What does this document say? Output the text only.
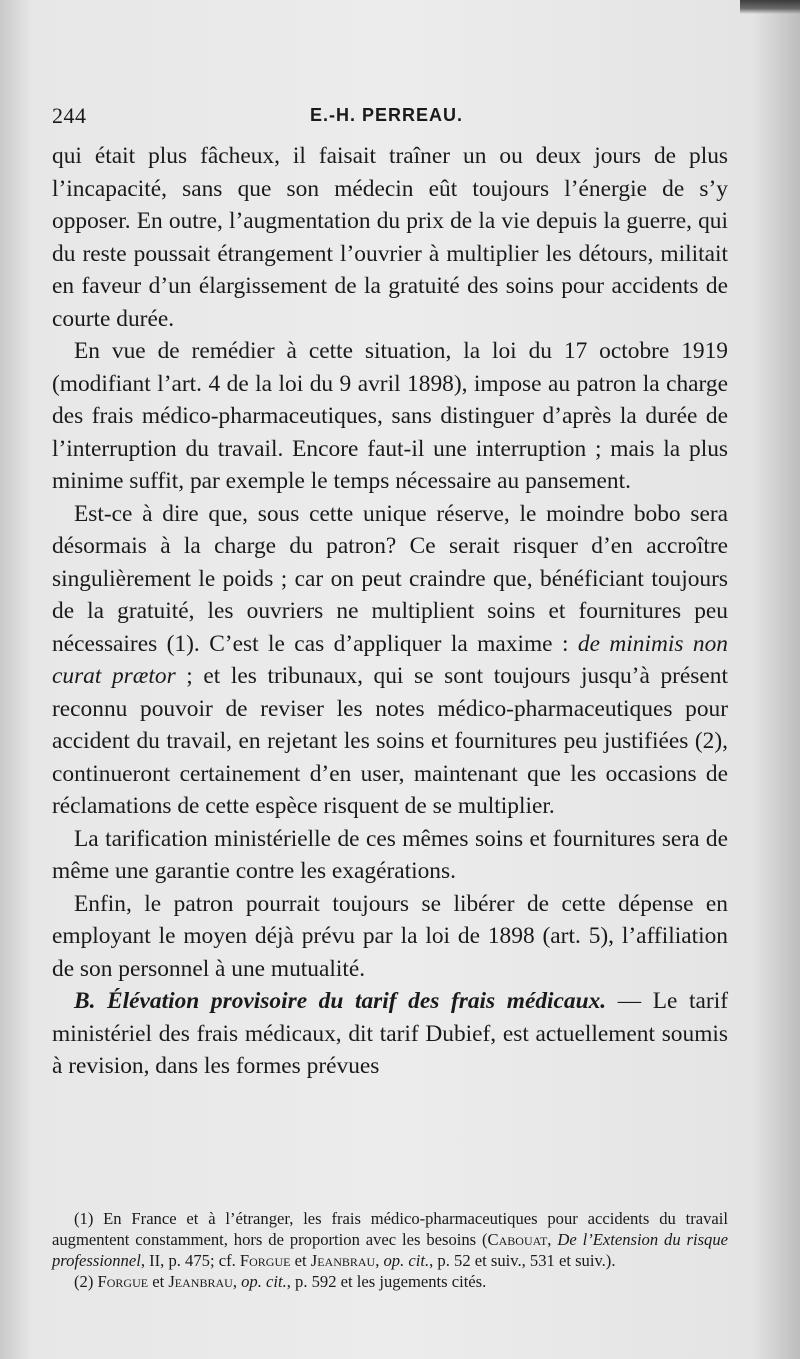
244	E.-H. PERREAU.

qui était plus fâcheux, il faisait traîner un ou deux jours de plus l’incapacité, sans que son médecin eût toujours l’énergie de s’y opposer. En outre, l’augmentation du prix de la vie depuis la guerre, qui du reste poussait étrangement l’ouvrier à multiplier les détours, militait en faveur d’un élargissement de la gratuité des soins pour accidents de courte durée.

En vue de remédier à cette situation, la loi du 17 octobre 1919 (modifiant l’art. 4 de la loi du 9 avril 1898), impose au patron la charge des frais médico-pharmaceutiques, sans distinguer d’après la durée de l’interruption du travail. Encore faut-il une interruption ; mais la plus minime suffit, par exemple le temps nécessaire au pansement.

Est-ce à dire que, sous cette unique réserve, le moindre bobo sera désormais à la charge du patron? Ce serait risquer d’en accroître singulièrement le poids ; car on peut craindre que, bénéficiant toujours de la gratuité, les ouvriers ne multiplient soins et fournitures peu nécessaires (1). C’est le cas d’appliquer la maxime : de minimis non curat prætor ; et les tribunaux, qui se sont toujours jusqu’à présent reconnu pouvoir de reviser les notes médico-pharmaceutiques pour accident du travail, en rejetant les soins et fournitures peu justifiées (2), continueront certainement d’en user, maintenant que les occasions de réclamations de cette espèce risquent de se multiplier.

La tarification ministérielle de ces mêmes soins et fournitures sera de même une garantie contre les exagérations.

Enfin, le patron pourrait toujours se libérer de cette dépense en employant le moyen déjà prévu par la loi de 1898 (art. 5), l’affiliation de son personnel à une mutualité.

B. Élévation provisoire du tarif des frais médicaux. — Le tarif ministériel des frais médicaux, dit tarif Dubief, est actuellement soumis à revision, dans les formes prévues

(1) En France et à l’étranger, les frais médico-pharmaceutiques pour accidents du travail augmentent constamment, hors de proportion avec les besoins (Cabouat, De l’Extension du risque professionnel, II, p. 475; cf. Forgue et Jeanbrau, op. cit., p. 52 et suiv., 531 et suiv.).

(2) Forgue et Jeanbrau, op. cit., p. 592 et les jugements cités.
